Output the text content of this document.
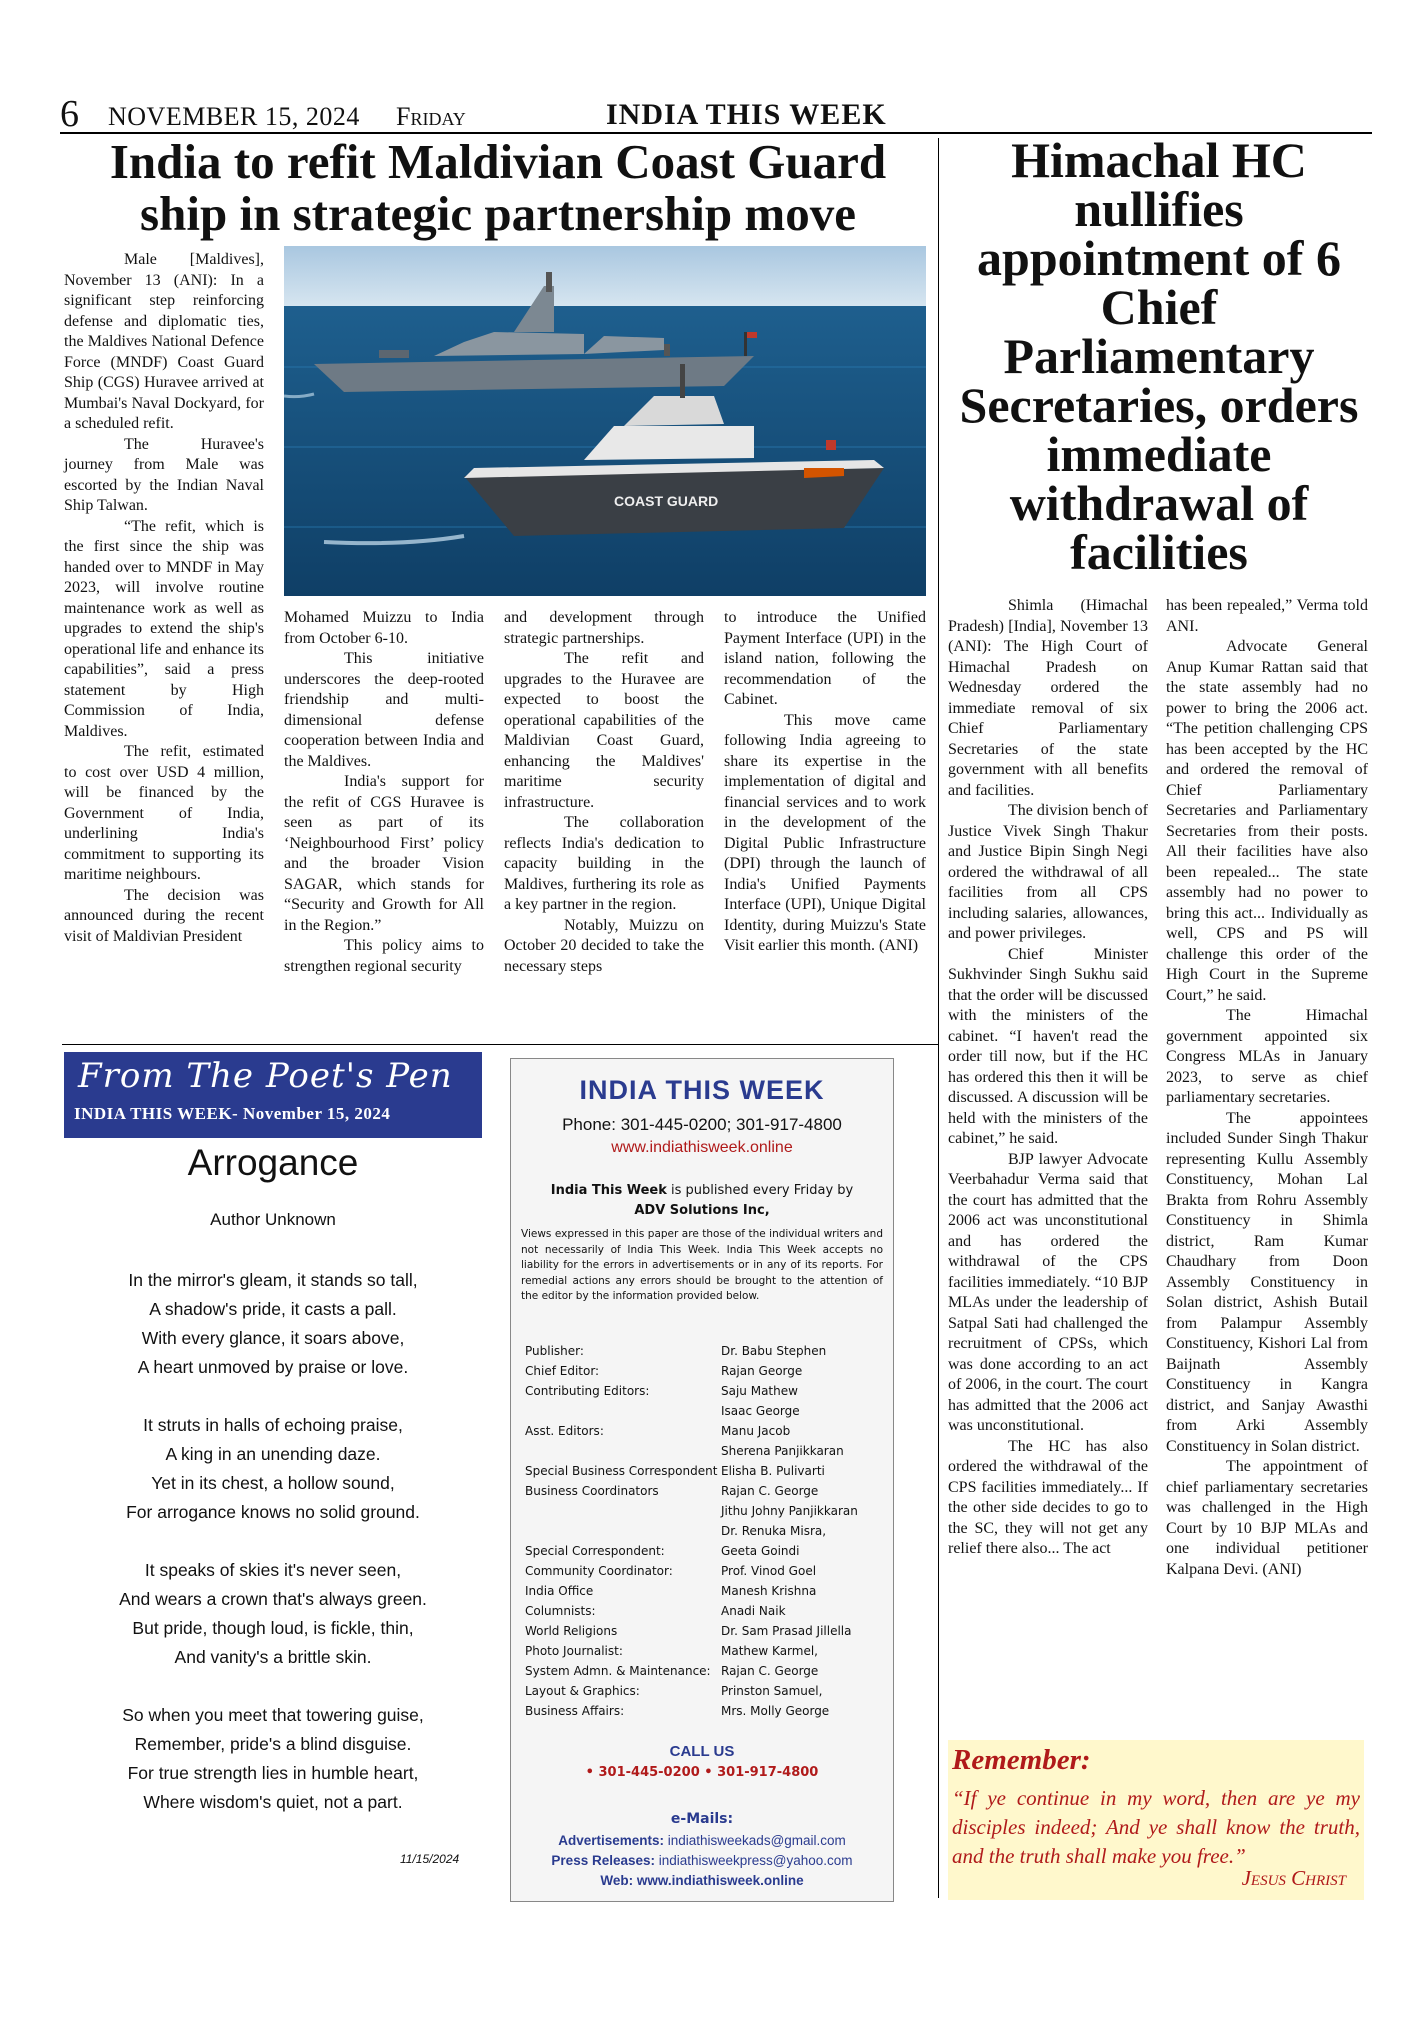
6 NOVEMBER 15, 2024 Friday	INDIA THIS WEEK
India to refit Maldivian Coast Guard ship in strategic partnership move
COAST GUARD

Male [Maldives], November 13 (ANI): In a significant step reinforcing defense and diplomatic ties, the Maldives National Defence Force (MNDF) Coast Guard Ship (CGS) Huravee arrived at Mumbai's Naval Dockyard, for a scheduled refit.

The Huravee's journey from Male was escorted by the Indian Naval Ship Talwan.

“The refit, which is the first since the ship was handed over to MNDF in May 2023, will involve routine maintenance work as well as upgrades to extend the ship's operational life and enhance its capabilities”, said a press statement by High Commission of India, Maldives.

The refit, estimated to cost over USD 4 million, will be financed by the Government of India, underlining India's commitment to supporting its maritime neighbours.

The decision was announced during the recent visit of Maldivian President

Mohamed Muizzu to India from October 6-10.

This initiative underscores the deep-rooted friendship and multi-dimensional defense cooperation between India and the Maldives.

India's support for the refit of CGS Huravee is seen as part of its ‘Neighbourhood First’ policy and the broader Vision SAGAR, which stands for “Security and Growth for All in the Region.”

This policy aims to strengthen regional security

and development through strategic partnerships.

The refit and upgrades to the Huravee are expected to boost the operational capabilities of the Maldivian Coast Guard, enhancing the Maldives' maritime security infrastructure.

The collaboration reflects India's dedication to capacity building in the Maldives, furthering its role as a key partner in the region.

Notably, Muizzu on October 20 decided to take the necessary steps

to introduce the Unified Payment Interface (UPI) in the island nation, following the recommendation of the Cabinet.

This move came following India agreeing to share its expertise in the implementation of digital and financial services and to work in the development of the Digital Public Infrastructure (DPI) through the launch of India's Unified Payments Interface (UPI), Unique Digital Identity, during Muizzu's State Visit earlier this month. (ANI)

Himachal HC nullifies appointment of 6 Chief Parliamentary Secretaries, orders immediate withdrawal of facilities

Shimla (Himachal Pradesh) [India], November 13 (ANI): The High Court of Himachal Pradesh on Wednesday ordered the immediate removal of six Chief Parliamentary Secretaries of the state government with all benefits and facilities.

The division bench of Justice Vivek Singh Thakur and Justice Bipin Singh Negi ordered the withdrawal of all facilities from all CPS including salaries, allowances, and power privileges.

Chief Minister Sukhvinder Singh Sukhu said that the order will be discussed with the ministers of the cabinet. “I haven't read the order till now, but if the HC has ordered this then it will be discussed. A discussion will be held with the ministers of the cabinet,” he said.

BJP lawyer Advocate Veerbahadur Verma said that the court has admitted that the 2006 act was unconstitutional and has ordered the withdrawal of the CPS facilities immediately. “10 BJP MLAs under the leadership of Satpal Sati had challenged the recruitment of CPSs, which was done according to an act of 2006, in the court. The court has admitted that the 2006 act was unconstitutional.

The HC has also ordered the withdrawal of the CPS facilities immediately... If the other side decides to go to the SC, they will not get any relief there also... The act

has been repealed,” Verma told ANI.

Advocate General Anup Kumar Rattan said that the state assembly had no power to bring the 2006 act. “The petition challenging CPS has been accepted by the HC and ordered the removal of Chief Parliamentary Secretaries and Parliamentary Secretaries from their posts. All their facilities have also been repealed... The state assembly had no power to bring this act... Individually as well, CPS and PS will challenge this order of the High Court in the Supreme Court,” he said.

The Himachal government appointed six Congress MLAs in January 2023, to serve as chief parliamentary secretaries.

The appointees included Sunder Singh Thakur representing Kullu Assembly Constituency, Mohan Lal Brakta from Rohru Assembly Constituency in Shimla district, Ram Kumar Chaudhary from Doon Assembly Constituency in Solan district, Ashish Butail from Palampur Assembly Constituency, Kishori Lal from Baijnath Assembly Constituency in Kangra district, and Sanjay Awasthi from Arki Assembly Constituency in Solan district.

The appointment of chief parliamentary secretaries was challenged in the High Court by 10 BJP MLAs and one individual petitioner Kalpana Devi. (ANI)

From The Poet's Pen
INDIA THIS WEEK- November 15, 2024
Arrogance
Author Unknown
In the mirror's gleam, it stands so tall,
A shadow's pride, it casts a pall.
With every glance, it soars above,
A heart unmoved by praise or love.
It struts in halls of echoing praise,
A king in an unending daze.
Yet in its chest, a hollow sound,
For arrogance knows no solid ground.
It speaks of skies it's never seen,
And wears a crown that's always green.
But pride, though loud, is fickle, thin,
And vanity's a brittle skin.
So when you meet that towering guise,
Remember, pride's a blind disguise.
For true strength lies in humble heart,
Where wisdom's quiet, not a part.
11/15/2024
INDIA THIS WEEK
Phone: 301-445-0200; 301-917-4800
www.indiathisweek.online
India This Week is published every Friday by
ADV Solutions Inc,
Views expressed in this paper are those of the individual writers and not necessarily of India This Week. India This Week accepts no liability for the errors in advertisements or in any of its reports. For remedial actions any errors should be brought to the attention of the editor by the information provided below.
Publisher:	Dr. Babu Stephen
Chief Editor:	Rajan George
Contributing Editors:	Saju Mathew
Isaac George
Asst. Editors:	Manu Jacob
Sherena Panjikkaran
Special Business Correspondent Elisha B. Pulivarti
Business Coordinators	Rajan C. George
Jithu Johny Panjikkaran
Dr. Renuka Misra,
Special Correspondent:	Geeta Goindi
Community Coordinator:	Prof. Vinod Goel
India Office	Manesh Krishna
Columnists:	Anadi Naik
World Religions	Dr. Sam Prasad Jillella
Photo Journalist:	Mathew Karmel,
System Admn. & Maintenance: Rajan C. George
Layout & Graphics:	Prinston Samuel,
Business Affairs:	Mrs. Molly George
CALL US
• 301-445-0200 • 301-917-4800
e-Mails:
Advertisements: indiathisweekads@gmail.com
Press Releases: indiathisweekpress@yahoo.com
Web: www.indiathisweek.online
Remember:
“If ye continue in my word, then are ye my disciples indeed; And ye shall know the truth, and the truth shall make you free.”
Jesus Christ
